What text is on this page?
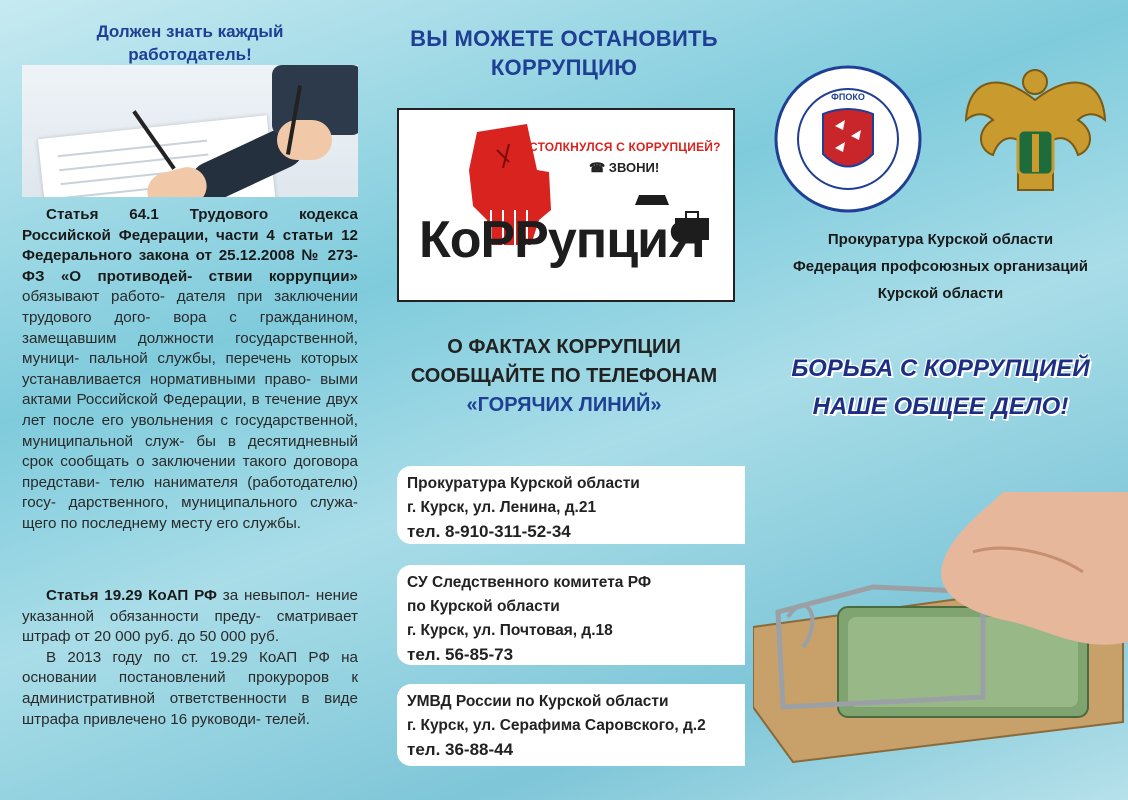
Должен знать каждый
работодатель!

Статья 64.1 Трудового кодекса Российской Федерации, части 4 статьи 12 Федерального закона от 25.12.2008 № 273-ФЗ «О противодей- ствии коррупции» обязывают работо- дателя при заключении трудового дого- вора с гражданином, замещавшим должности государственной, муници- пальной службы, перечень которых устанавливается нормативными право- выми актами Российской Федерации, в течение двух лет после его увольнения с государственной, муниципальной служ- бы в десятидневный срок сообщать о заключении такого договора представи- телю нанимателя (работодателю) госу- дарственного, муниципального служа- щего по последнему месту его службы.

Статья 19.29 КоАП РФ за невыпол- нение указанной обязанности преду- сматривает штраф от 20 000 руб. до 50 000 руб.

В 2013 году по ст. 19.29 КоАП РФ на основании постановлений прокуроров к административной ответственности в виде штрафа привлечено 16 руководи- телей.

ВЫ МОЖЕТЕ ОСТАНОВИТЬ
КОРРУПЦИЮ
СТОЛКНУЛСЯ С КОРРУПЦИЕЙ?
☎ ЗВОНИ!
КоРРупциЯ
О ФАКТАХ КОРРУПЦИИ
СООБЩАЙТЕ ПО ТЕЛЕФОНАМ
«ГОРЯЧИХ ЛИНИЙ»
Прокуратура Курской области
г. Курск, ул. Ленина, д.21
тел. 8-910-311-52-34
СУ Следственного комитета РФ
по Курской области
г. Курск, ул. Почтовая, д.18
тел. 56-85-73
УМВД России по Курской области
г. Курск, ул. Серафима Саровского, д.2
тел. 36-88-44
ФПОКО
Прокуратура Курской области
Федерация профсоюзных организаций
Курской области
БОРЬБА С КОРРУПЦИЕЙ
НАШЕ ОБЩЕЕ ДЕЛО!
